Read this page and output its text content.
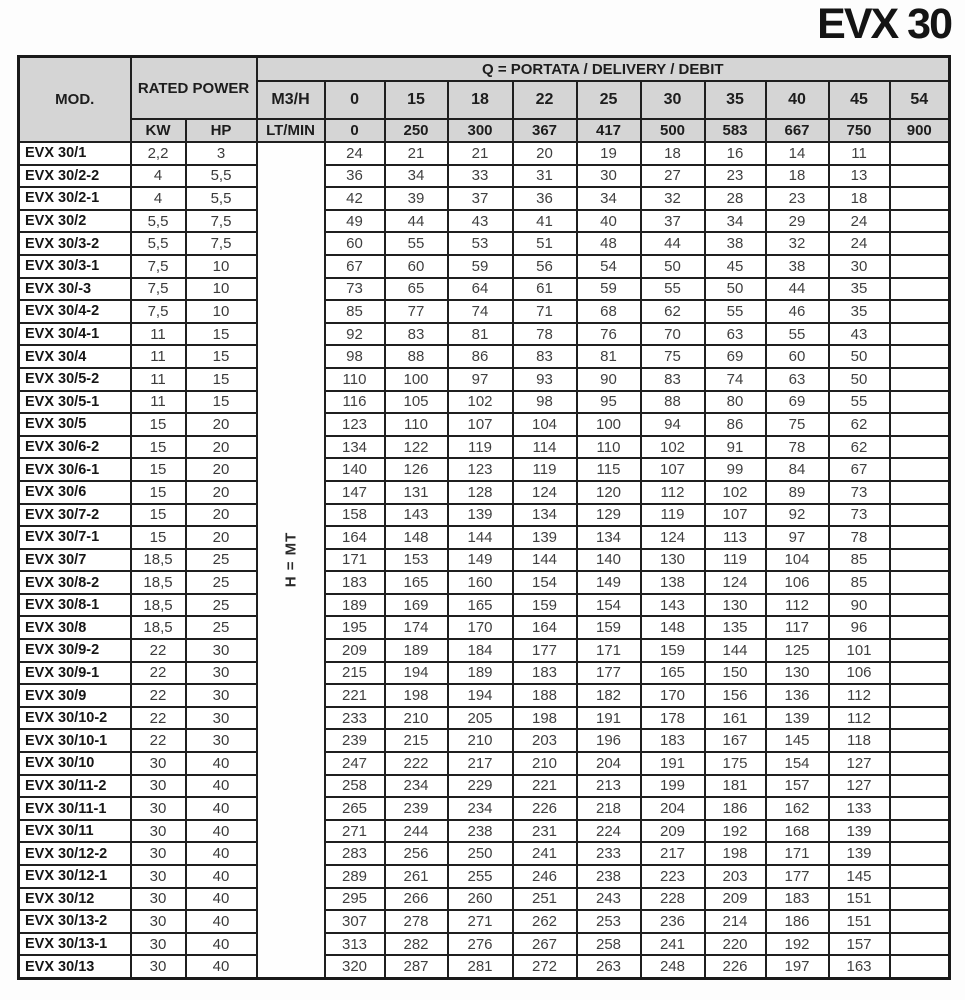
EVX 30
MOD.	RATED POWER		Q = PORTATA / DELIVERY / DEBIT										
			M3/H	0	15	18	22	25	30	35	40	45	54
	KW	HP	LT/MIN	0	250	300	367	417	500	583	667	750	900
EVX 30/1	2,2	3	H = MT	24	21	21	20	19	18	16	14	11	
EVX 30/2-2	4	5,5		36	34	33	31	30	27	23	18	13	
EVX 30/2-1	4	5,5		42	39	37	36	34	32	28	23	18	
EVX 30/2	5,5	7,5		49	44	43	41	40	37	34	29	24	
EVX 30/3-2	5,5	7,5		60	55	53	51	48	44	38	32	24	
EVX 30/3-1	7,5	10		67	60	59	56	54	50	45	38	30	
EVX 30/-3	7,5	10		73	65	64	61	59	55	50	44	35	
EVX 30/4-2	7,5	10		85	77	74	71	68	62	55	46	35	
EVX 30/4-1	11	15		92	83	81	78	76	70	63	55	43	
EVX 30/4	11	15		98	88	86	83	81	75	69	60	50	
EVX 30/5-2	11	15		110	100	97	93	90	83	74	63	50	
EVX 30/5-1	11	15		116	105	102	98	95	88	80	69	55	
EVX 30/5	15	20		123	110	107	104	100	94	86	75	62	
EVX 30/6-2	15	20		134	122	119	114	110	102	91	78	62	
EVX 30/6-1	15	20		140	126	123	119	115	107	99	84	67	
EVX 30/6	15	20		147	131	128	124	120	112	102	89	73	
EVX 30/7-2	15	20		158	143	139	134	129	119	107	92	73	
EVX 30/7-1	15	20		164	148	144	139	134	124	113	97	78	
EVX 30/7	18,5	25		171	153	149	144	140	130	119	104	85	
EVX 30/8-2	18,5	25		183	165	160	154	149	138	124	106	85	
EVX 30/8-1	18,5	25		189	169	165	159	154	143	130	112	90	
EVX 30/8	18,5	25		195	174	170	164	159	148	135	117	96	
EVX 30/9-2	22	30		209	189	184	177	171	159	144	125	101	
EVX 30/9-1	22	30		215	194	189	183	177	165	150	130	106	
EVX 30/9	22	30		221	198	194	188	182	170	156	136	112	
EVX 30/10-2	22	30		233	210	205	198	191	178	161	139	112	
EVX 30/10-1	22	30		239	215	210	203	196	183	167	145	118	
EVX 30/10	30	40		247	222	217	210	204	191	175	154	127	
EVX 30/11-2	30	40		258	234	229	221	213	199	181	157	127	
EVX 30/11-1	30	40		265	239	234	226	218	204	186	162	133	
EVX 30/11	30	40		271	244	238	231	224	209	192	168	139	
EVX 30/12-2	30	40		283	256	250	241	233	217	198	171	139	
EVX 30/12-1	30	40		289	261	255	246	238	223	203	177	145	
EVX 30/12	30	40		295	266	260	251	243	228	209	183	151	
EVX 30/13-2	30	40		307	278	271	262	253	236	214	186	151	
EVX 30/13-1	30	40		313	282	276	267	258	241	220	192	157	
EVX 30/13	30	40		320	287	281	272	263	248	226	197	163	
